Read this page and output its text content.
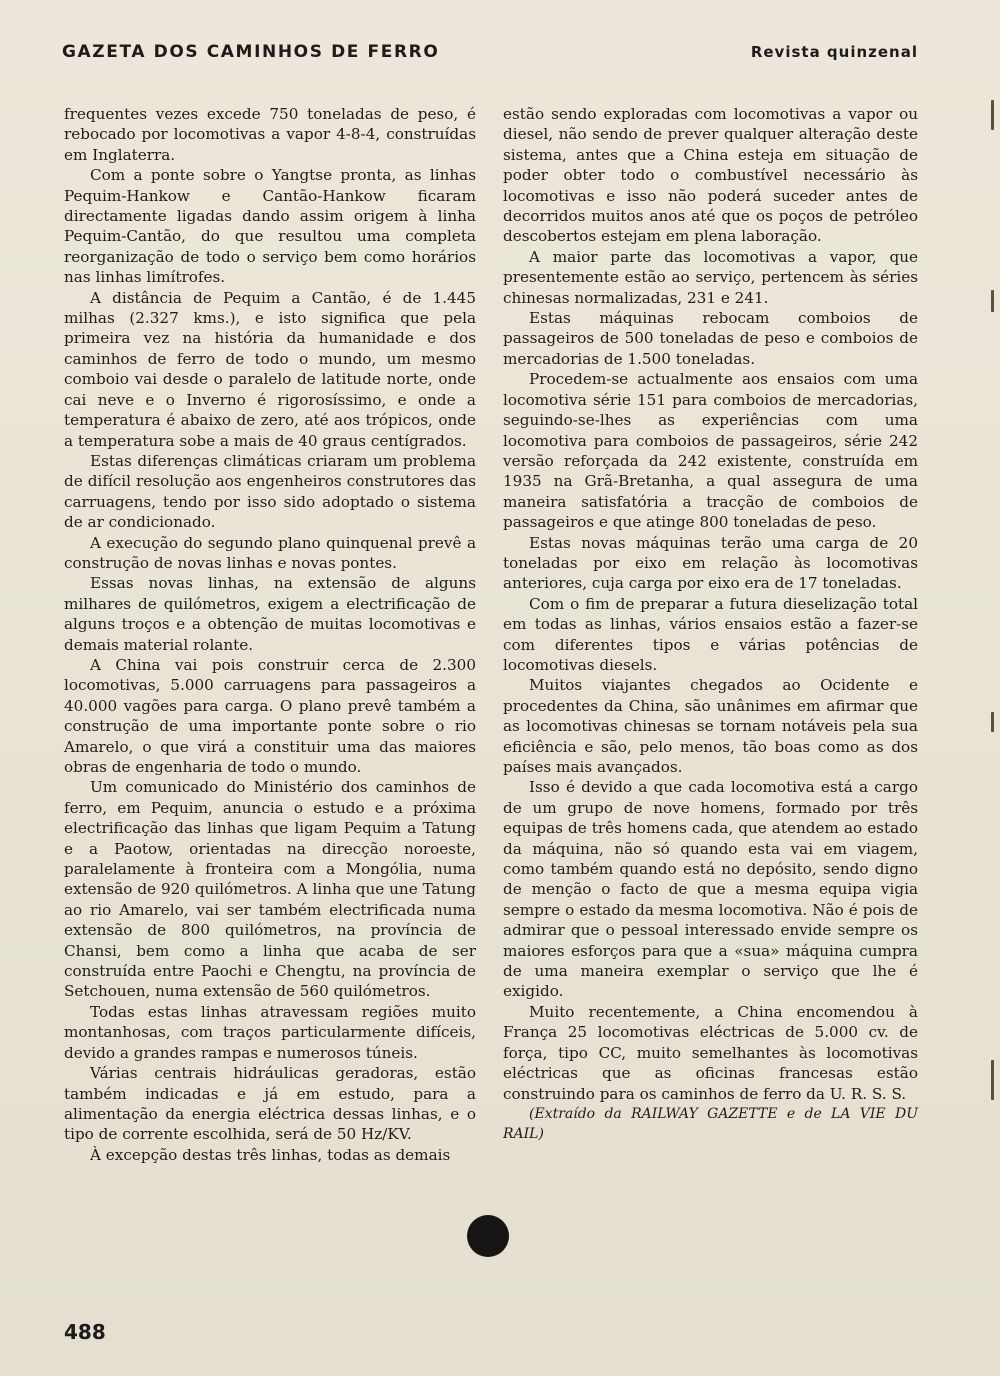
GAZETA DOS CAMINHOS DE FERRO	Revista quinzenal

frequentes vezes excede 750 toneladas de peso, é rebocado por locomotivas a vapor 4-8-4, construídas em Inglaterra.

Com a ponte sobre o Yangtse pronta, as linhas Pequim-Hankow e Cantão-Hankow ficaram directamente ligadas dando assim origem à linha Pequim-Cantão, do que resultou uma completa reorganização de todo o serviço bem como horários nas linhas limítrofes.

A distância de Pequim a Cantão, é de 1.445 milhas (2.327 kms.), e isto significa que pela primeira vez na história da humanidade e dos caminhos de ferro de todo o mundo, um mesmo comboio vai desde o paralelo de latitude norte, onde cai neve e o Inverno é rigorosíssimo, e onde a temperatura é abaixo de zero, até aos trópicos, onde a temperatura sobe a mais de 40 graus centígrados.

Estas diferenças climáticas criaram um problema de difícil resolução aos engenheiros construtores das carruagens, tendo por isso sido adoptado o sistema de ar condicionado.

A execução do segundo plano quinquenal prevê a construção de novas linhas e novas pontes.

Essas novas linhas, na extensão de alguns milhares de quilómetros, exigem a electrificação de alguns troços e a obtenção de muitas locomotivas e demais material rolante.

A China vai pois construir cerca de 2.300 locomotivas, 5.000 carruagens para passageiros a 40.000 vagões para carga. O plano prevê também a construção de uma importante ponte sobre o rio Amarelo, o que virá a constituir uma das maiores obras de engenharia de todo o mundo.

Um comunicado do Ministério dos caminhos de ferro, em Pequim, anuncia o estudo e a próxima electrificação das linhas que ligam Pequim a Tatung e a Paotow, orientadas na direcção noroeste, paralelamente à fronteira com a Mongólia, numa extensão de 920 quilómetros. A linha que une Tatung ao rio Amarelo, vai ser também electrificada numa extensão de 800 quilómetros, na província de Chansi, bem como a linha que acaba de ser construída entre Paochi e Chengtu, na província de Setchouen, numa extensão de 560 quilómetros.

Todas estas linhas atravessam regiões muito montanhosas, com traços particularmente difíceis, devido a grandes rampas e numerosos túneis.

Várias centrais hidráulicas geradoras, estão também indicadas e já em estudo, para a alimentação da energia eléctrica dessas linhas, e o tipo de corrente escolhida, será de 50 Hz/KV.

À excepção destas três linhas, todas as demais

estão sendo exploradas com locomotivas a vapor ou diesel, não sendo de prever qualquer alteração deste sistema, antes que a China esteja em situação de poder obter todo o combustível necessário às locomotivas e isso não poderá suceder antes de decorridos muitos anos até que os poços de petróleo descobertos estejam em plena laboração.

A maior parte das locomotivas a vapor, que presentemente estão ao serviço, pertencem às séries chinesas normalizadas, 231 e 241.

Estas máquinas rebocam comboios de passageiros de 500 toneladas de peso e comboios de mercadorias de 1.500 toneladas.

Procedem-se actualmente aos ensaios com uma locomotiva série 151 para comboios de mercadorias, seguindo-se-lhes as experiências com uma locomotiva para comboios de passageiros, série 242 versão reforçada da 242 existente, construída em 1935 na Grã-Bretanha, a qual assegura de uma maneira satisfatória a tracção de comboios de passageiros e que atinge 800 toneladas de peso.

Estas novas máquinas terão uma carga de 20 toneladas por eixo em relação às locomotivas anteriores, cuja carga por eixo era de 17 toneladas.

Com o fim de preparar a futura dieselização total em todas as linhas, vários ensaios estão a fazer-se com diferentes tipos e várias potências de locomotivas diesels.

Muitos viajantes chegados ao Ocidente e procedentes da China, são unânimes em afirmar que as locomotivas chinesas se tornam notáveis pela sua eficiência e são, pelo menos, tão boas como as dos países mais avançados.

Isso é devido a que cada locomotiva está a cargo de um grupo de nove homens, formado por três equipas de três homens cada, que atendem ao estado da máquina, não só quando esta vai em viagem, como também quando está no depósito, sendo digno de menção o facto de que a mesma equipa vigia sempre o estado da mesma locomotiva. Não é pois de admirar que o pessoal interessado envide sempre os maiores esforços para que a «sua» máquina cumpra de uma maneira exemplar o serviço que lhe é exigido.

Muito recentemente, a China encomendou à França 25 locomotivas eléctricas de 5.000 cv. de força, tipo CC, muito semelhantes às locomotivas eléctricas que as oficinas francesas estão construindo para os caminhos de ferro da U. R. S. S.

(Extraído da RAILWAY GAZETTE e de LA VIE DU RAIL)

488
